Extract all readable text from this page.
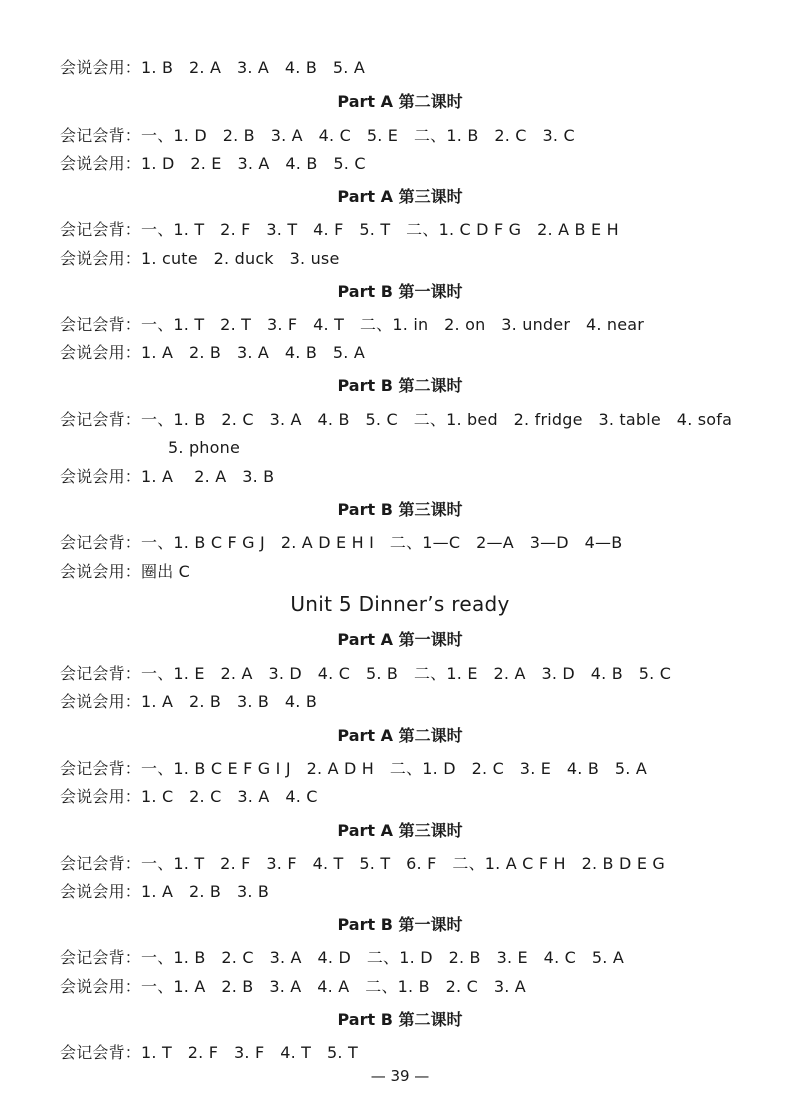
会说会用：1. B   2. A   3. A   4. B   5. A
Part A 第二课时
会记会背：一、1. D   2. B   3. A   4. C   5. E   二、1. B   2. C   3. C
会说会用：1. D   2. E   3. A   4. B   5. C
Part A 第三课时
会记会背：一、1. T   2. F   3. T   4. F   5. T   二、1. C D F G   2. A B E H
会说会用：1. cute   2. duck   3. use
Part B 第一课时
会记会背：一、1. T   2. T   3. F   4. T   二、1. in   2. on   3. under   4. near
会说会用：1. A   2. B   3. A   4. B   5. A
Part B 第二课时
会记会背：一、1. B   2. C   3. A   4. B   5. C   二、1. bed   2. fridge   3. table   4. sofa
5. phone
会说会用：1. A    2. A   3. B
Part B 第三课时
会记会背：一、1. B C F G J   2. A D E H I   二、1—C   2—A   3—D   4—B
会说会用：圈出 C
Unit 5 Dinner’s ready
Part A 第一课时
会记会背：一、1. E   2. A   3. D   4. C   5. B   二、1. E   2. A   3. D   4. B   5. C
会说会用：1. A   2. B   3. B   4. B
Part A 第二课时
会记会背：一、1. B C E F G I J   2. A D H   二、1. D   2. C   3. E   4. B   5. A
会说会用：1. C   2. C   3. A   4. C
Part A 第三课时
会记会背：一、1. T   2. F   3. F   4. T   5. T   6. F   二、1. A C F H   2. B D E G
会说会用：1. A   2. B   3. B
Part B 第一课时
会记会背：一、1. B   2. C   3. A   4. D   二、1. D   2. B   3. E   4. C   5. A
会说会用：一、1. A   2. B   3. A   4. A   二、1. B   2. C   3. A
Part B 第二课时
会记会背：1. T   2. F   3. F   4. T   5. T
— 39 —
